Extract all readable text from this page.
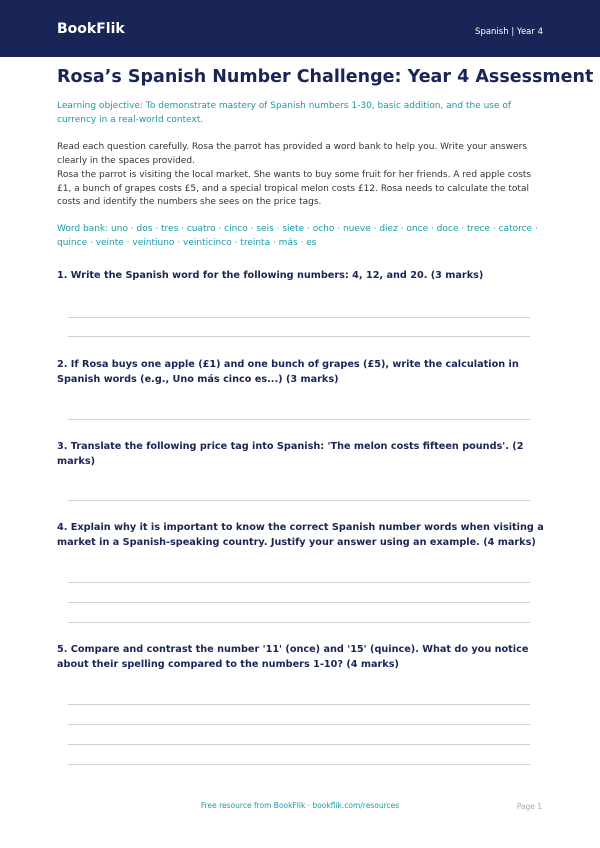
BookFlik	Spanish | Year 4
Rosa’s Spanish Number Challenge: Year 4 Assessment
Learning objective: To demonstrate mastery of Spanish numbers 1-30, basic addition, and the use of currency in a real-world context.
Read each question carefully. Rosa the parrot has provided a word bank to help you. Write your answers clearly in the spaces provided.
Rosa the parrot is visiting the local market. She wants to buy some fruit for her friends. A red apple costs £1, a bunch of grapes costs £5, and a special tropical melon costs £12. Rosa needs to calculate the total costs and identify the numbers she sees on the price tags.
Word bank: uno · dos · tres · cuatro · cinco · seis · siete · ocho · nueve · diez · once · doce · trece · catorce · quince · veinte · veintiuno · veinticinco · treinta · más · es
1. Write the Spanish word for the following numbers: 4, 12, and 20. (3 marks)
2. If Rosa buys one apple (£1) and one bunch of grapes (£5), write the calculation in Spanish words (e.g., Uno más cinco es...) (3 marks)
3. Translate the following price tag into Spanish: 'The melon costs fifteen pounds'. (2 marks)
4. Explain why it is important to know the correct Spanish number words when visiting a market in a Spanish-speaking country. Justify your answer using an example. (4 marks)
5. Compare and contrast the number '11' (once) and '15' (quince). What do you notice about their spelling compared to the numbers 1-10? (4 marks)
Free resource from BookFlik · bookflik.com/resources	Page 1
